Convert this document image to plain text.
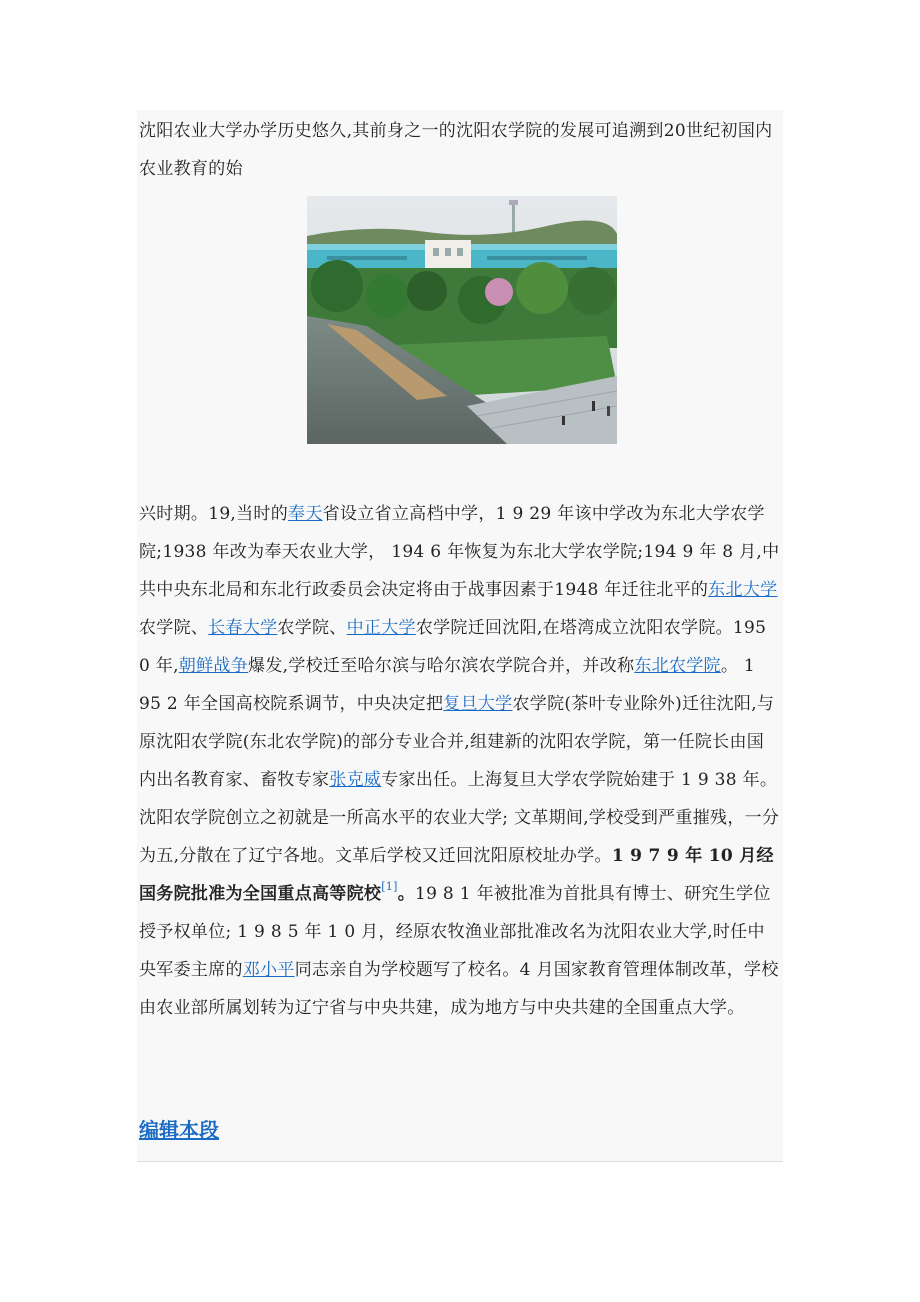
沈阳农业大学办学历史悠久,其前身之一的沈阳农学院的发展可追溯到20世纪初国内农业教育的始

兴时期。19,当时的奉天省设立省立高档中学，1 9 29 年该中学改为东北大学农学院;1938 年改为奉天农业大学， 194 6 年恢复为东北大学农学院;194 9 年 8 月,中共中央东北局和东北行政委员会决定将由于战事因素于1948 年迁往北平的东北大学农学院、长春大学农学院、中正大学农学院迁回沈阳,在塔湾成立沈阳农学院。195 0 年,朝鲜战争爆发,学校迁至哈尔滨与哈尔滨农学院合并，并改称东北农学院。 1 95 2 年全国高校院系调节，中央决定把复旦大学农学院(茶叶专业除外)迁往沈阳,与原沈阳农学院(东北农学院)的部分专业合并,组建新的沈阳农学院，第一任院长由国内出名教育家、畜牧专家张克威专家出任。上海复旦大学农学院始建于 1 9 38 年。沈阳农学院创立之初就是一所高水平的农业大学; 文革期间,学校受到严重摧残，一分为五,分散在了辽宁各地。文革后学校又迁回沈阳原校址办学。1 9 7 9 年 10 月经国务院批准为全国重点高等院校[1]。19 8 1 年被批准为首批具有博士、研究生学位授予权单位; 1 9 8 5 年 1 0 月，经原农牧渔业部批准改名为沈阳农业大学,时任中央军委主席的邓小平同志亲自为学校题写了校名。4 月国家教育管理体制改革，学校由农业部所属划转为辽宁省与中央共建，成为地方与中央共建的全国重点大学。

编辑本段
